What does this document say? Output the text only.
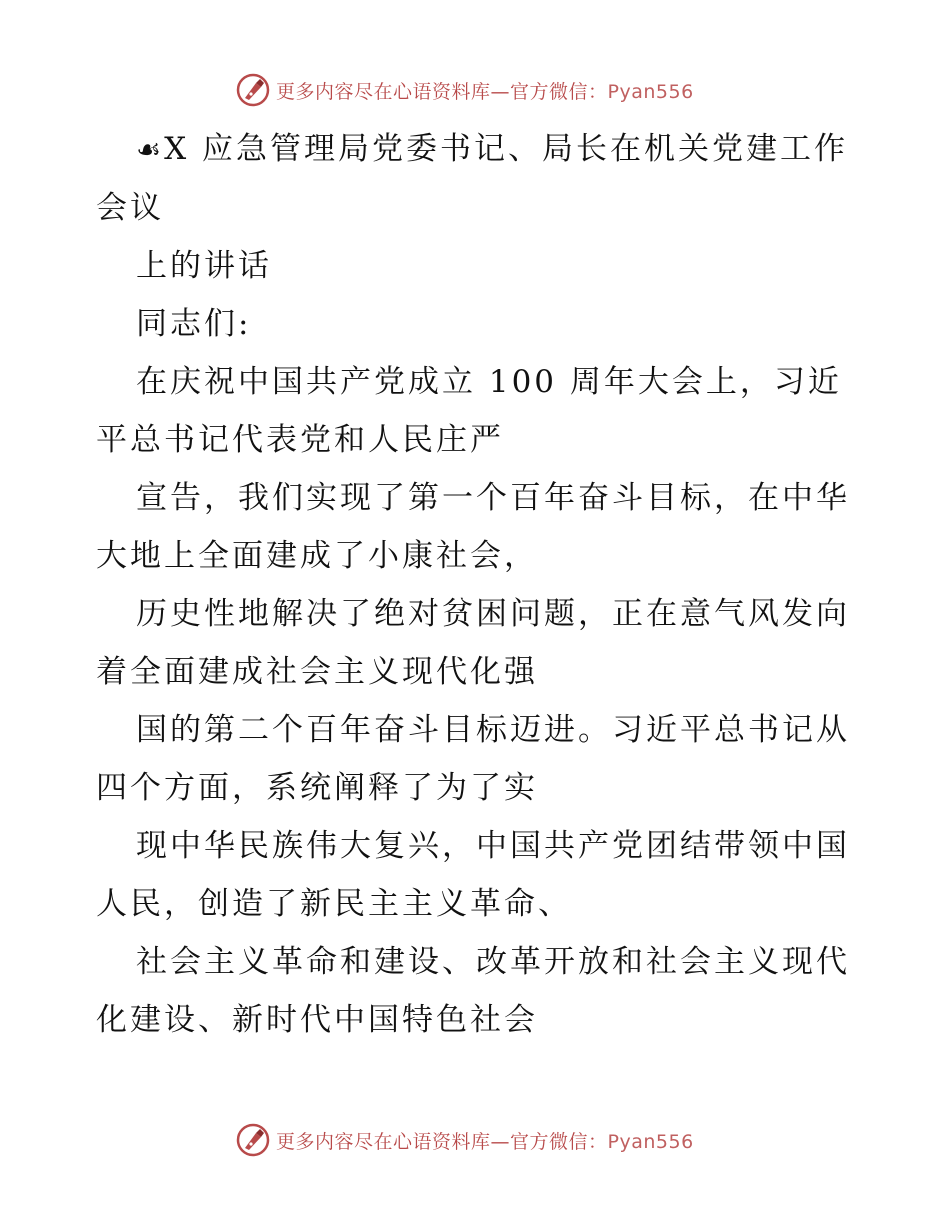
更多内容尽在心语资料库—官方微信：Pyan556

☙X 应急管理局党委书记、局长在机关党建工作会议

上的讲话

同志们:

在庆祝中国共产党成立 100 周年大会上，习近平总书记代表党和人民庄严

宣告，我们实现了第一个百年奋斗目标，在中华大地上全面建成了小康社会，

历史性地解决了绝对贫困问题，正在意气风发向着全面建成社会主义现代化强

国的第二个百年奋斗目标迈进。习近平总书记从四个方面，系统阐释了为了实

现中华民族伟大复兴，中国共产党团结带领中国人民，创造了新民主主义革命、

社会主义革命和建设、改革开放和社会主义现代化建设、新时代中国特色社会

更多内容尽在心语资料库—官方微信：Pyan556
